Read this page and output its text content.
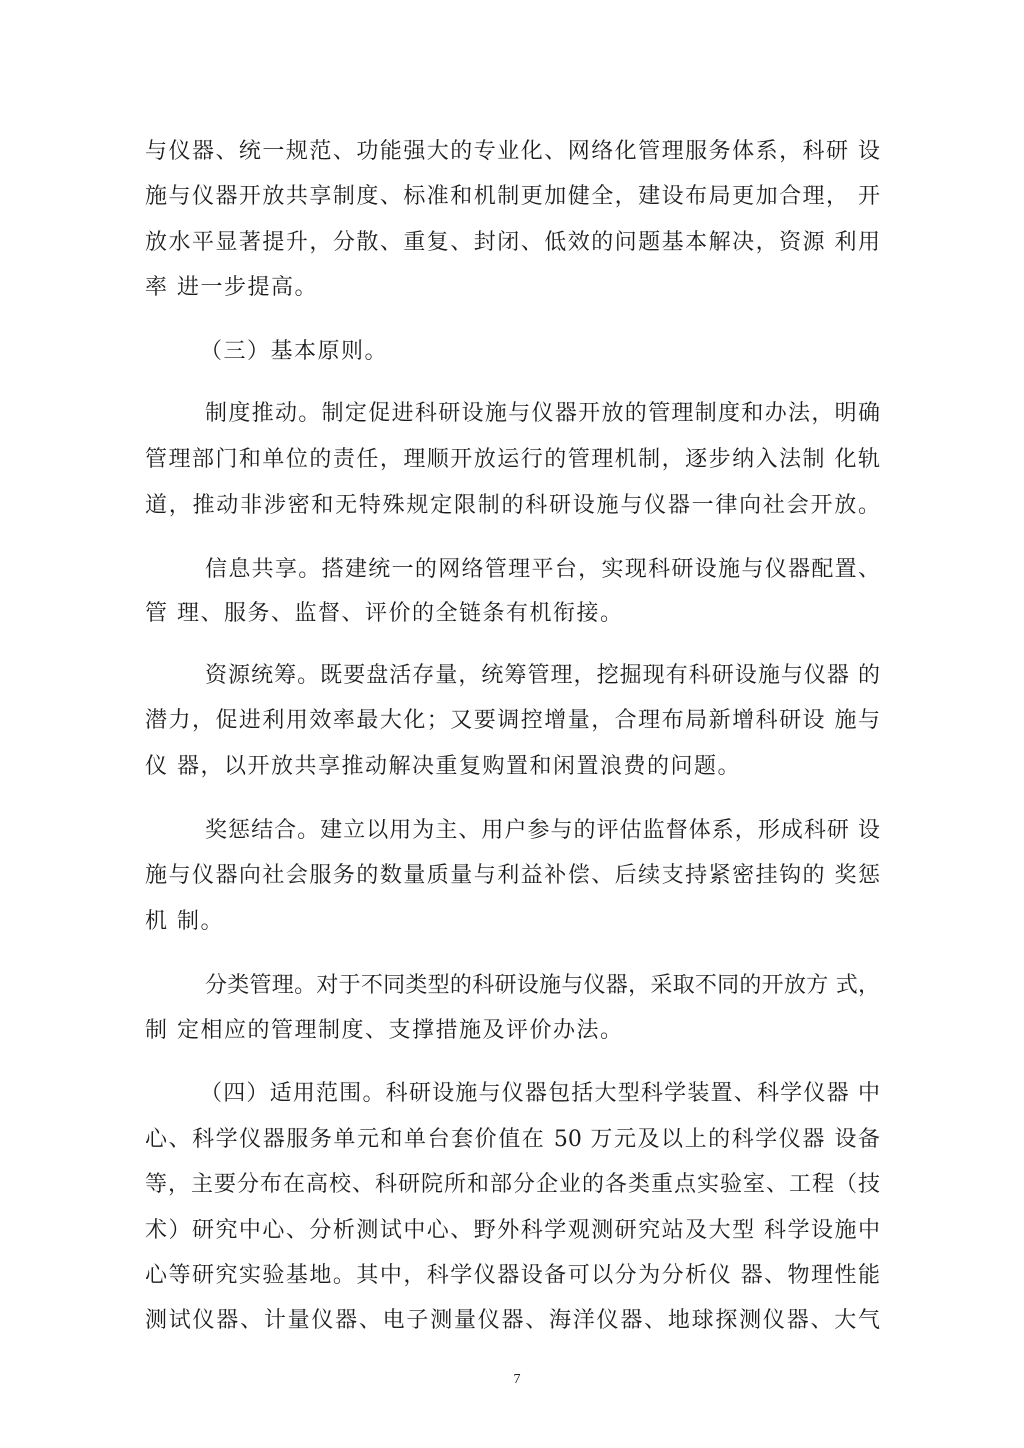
与仪器、统一规范、功能强大的专业化、网络化管理服务体系，科研 设
施与仪器开放共享制度、标准和机制更加健全，建设布局更加合理， 开
放水平显著提升，分散、重复、封闭、低效的问题基本解决，资源 利用
率 进一步提高。
（三）基本原则。
制度推动。制定促进科研设施与仪器开放的管理制度和办法，明确
管理部门和单位的责任，理顺开放运行的管理机制，逐步纳入法制 化轨
道，推动非涉密和无特殊规定限制的科研设施与仪器一律向社会开放。
信息共享。搭建统一的网络管理平台，实现科研设施与仪器配置、
管 理、服务、监督、评价的全链条有机衔接。
资源统筹。既要盘活存量，统筹管理，挖掘现有科研设施与仪器 的
潜力，促进利用效率最大化；又要调控增量，合理布局新增科研设 施与
仪 器，以开放共享推动解决重复购置和闲置浪费的问题。
奖惩结合。建立以用为主、用户参与的评估监督体系，形成科研 设
施与仪器向社会服务的数量质量与利益补偿、后续支持紧密挂钩的 奖惩
机 制。
分类管理。对于不同类型的科研设施与仪器，采取不同的开放方 式，
制 定相应的管理制度、支撑措施及评价办法。
（四）适用范围。科研设施与仪器包括大型科学装置、科学仪器 中
心、科学仪器服务单元和单台套价值在 50 万元及以上的科学仪器 设备
等，主要分布在高校、科研院所和部分企业的各类重点实验室、工程（技
术）研究中心、分析测试中心、野外科学观测研究站及大型 科学设施中
心等研究实验基地。其中，科学仪器设备可以分为分析仪 器、物理性能
测试仪器、计量仪器、电子测量仪器、海洋仪器、地球探测仪器、大气
7
